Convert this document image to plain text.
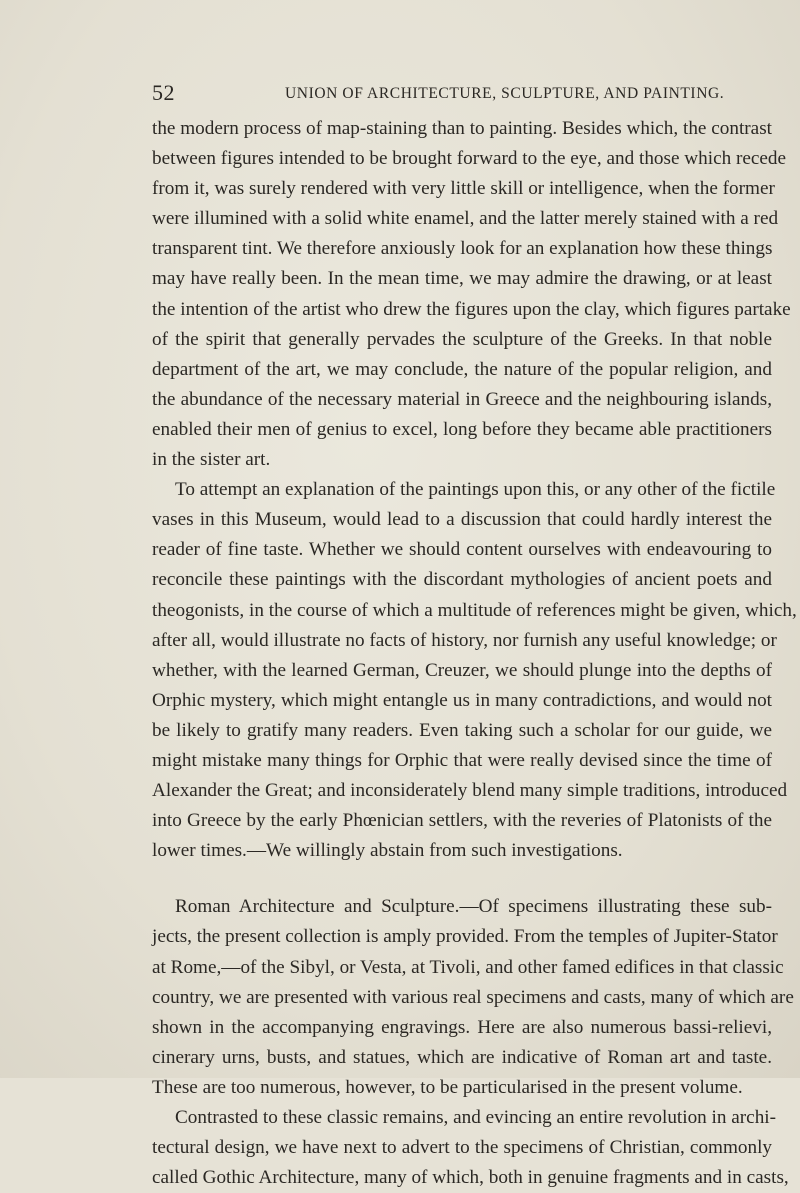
52	UNION OF ARCHITECTURE, SCULPTURE, AND PAINTING.
the modern process of map-staining than to painting. Besides which, the contrast
between figures intended to be brought forward to the eye, and those which recede
from it, was surely rendered with very little skill or intelligence, when the former
were illumined with a solid white enamel, and the latter merely stained with a red
transparent tint. We therefore anxiously look for an explanation how these things
may have really been. In the mean time, we may admire the drawing, or at least
the intention of the artist who drew the figures upon the clay, which figures partake
of the spirit that generally pervades the sculpture of the Greeks. In that noble
department of the art, we may conclude, the nature of the popular religion, and
the abundance of the necessary material in Greece and the neighbouring islands,
enabled their men of genius to excel, long before they became able practitioners
in the sister art.
To attempt an explanation of the paintings upon this, or any other of the fictile
vases in this Museum, would lead to a discussion that could hardly interest the
reader of fine taste. Whether we should content ourselves with endeavouring to
reconcile these paintings with the discordant mythologies of ancient poets and
theogonists, in the course of which a multitude of references might be given, which,
after all, would illustrate no facts of history, nor furnish any useful knowledge; or
whether, with the learned German, Creuzer, we should plunge into the depths of
Orphic mystery, which might entangle us in many contradictions, and would not
be likely to gratify many readers. Even taking such a scholar for our guide, we
might mistake many things for Orphic that were really devised since the time of
Alexander the Great; and inconsiderately blend many simple traditions, introduced
into Greece by the early Phœnician settlers, with the reveries of Platonists of the
lower times.—We willingly abstain from such investigations.
Roman Architecture and Sculpture.—Of specimens illustrating these sub-
jects, the present collection is amply provided. From the temples of Jupiter-Stator
at Rome,—of the Sibyl, or Vesta, at Tivoli, and other famed edifices in that classic
country, we are presented with various real specimens and casts, many of which are
shown in the accompanying engravings. Here are also numerous bassi-relievi,
cinerary urns, busts, and statues, which are indicative of Roman art and taste.
These are too numerous, however, to be particularised in the present volume.
Contrasted to these classic remains, and evincing an entire revolution in archi-
tectural design, we have next to advert to the specimens of Christian, commonly
called Gothic Architecture, many of which, both in genuine fragments and in casts,
